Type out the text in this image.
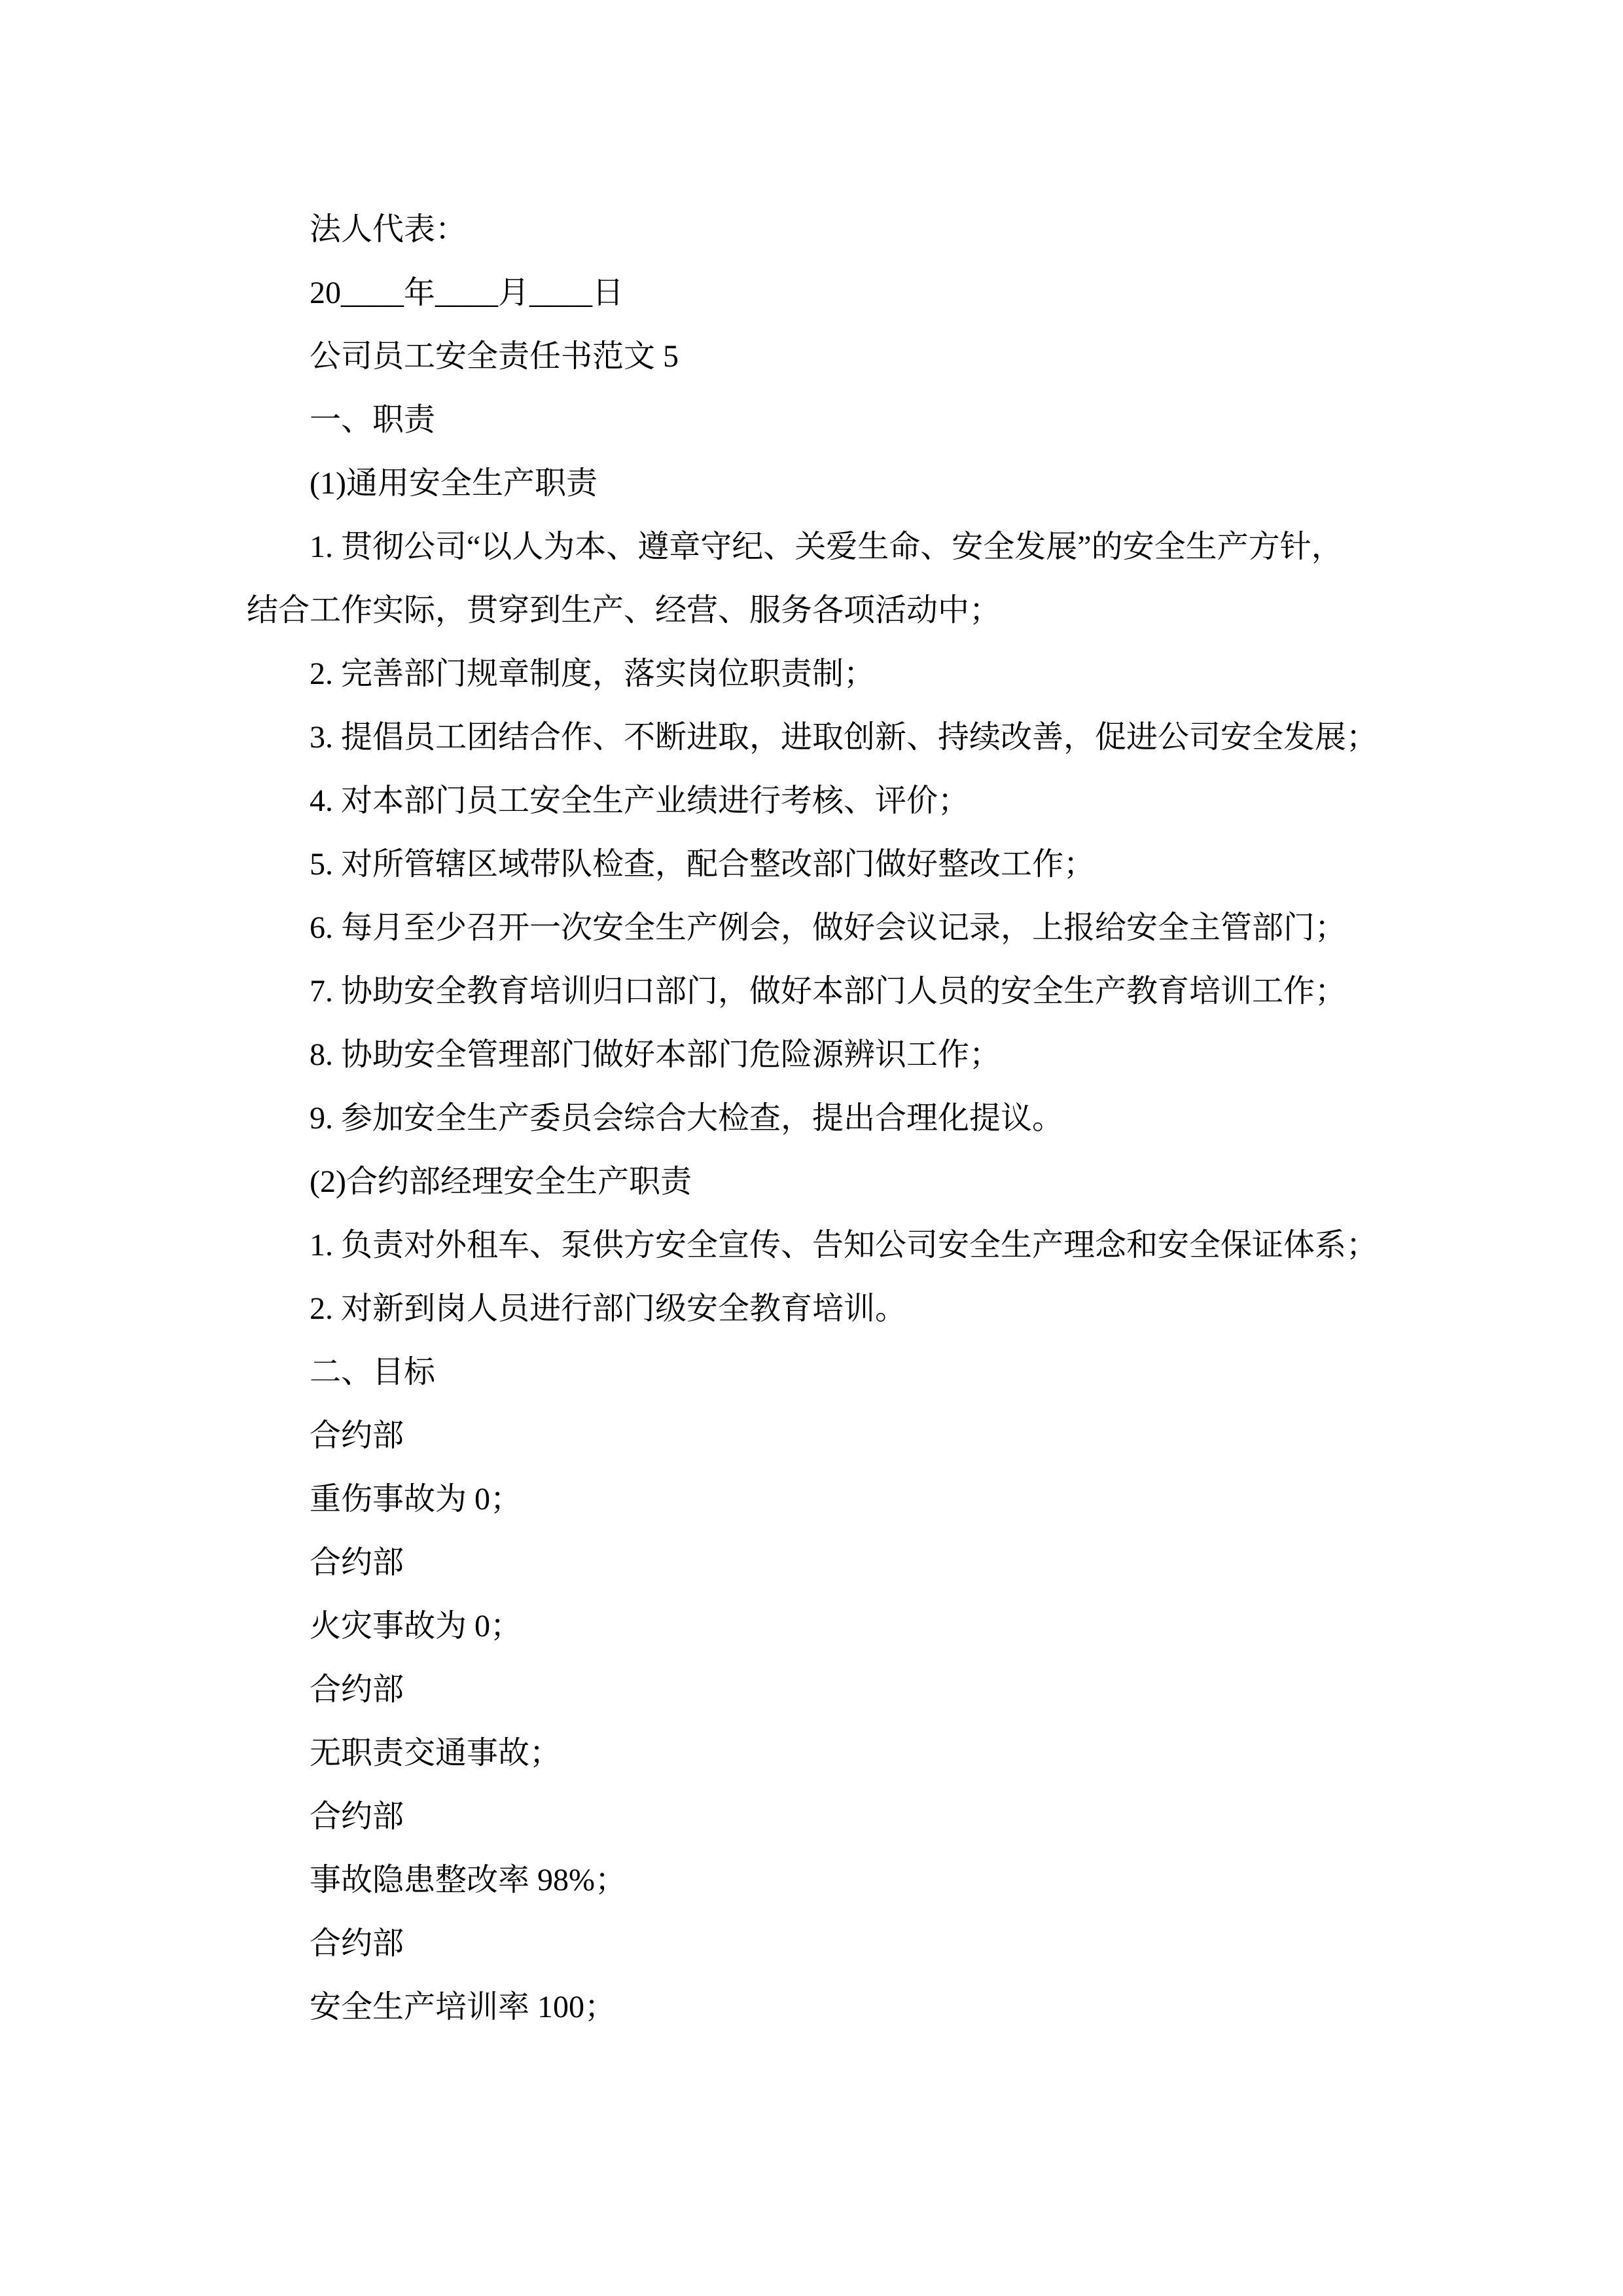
法人代表：
20____年____月____日
公司员工安全责任书范文 5
一、职责
(1)通用安全生产职责
1. 贯彻公司“以人为本、遵章守纪、关爱生命、安全发展”的安全生产方针，
结合工作实际，贯穿到生产、经营、服务各项活动中；
2. 完善部门规章制度，落实岗位职责制；
3. 提倡员工团结合作、不断进取，进取创新、持续改善，促进公司安全发展；
4. 对本部门员工安全生产业绩进行考核、评价；
5. 对所管辖区域带队检查，配合整改部门做好整改工作；
6. 每月至少召开一次安全生产例会，做好会议记录，上报给安全主管部门；
7. 协助安全教育培训归口部门，做好本部门人员的安全生产教育培训工作；
8. 协助安全管理部门做好本部门危险源辨识工作；
9. 参加安全生产委员会综合大检查，提出合理化提议。
(2)合约部经理安全生产职责
1. 负责对外租车、泵供方安全宣传、告知公司安全生产理念和安全保证体系；
2. 对新到岗人员进行部门级安全教育培训。
二、目标
合约部
重伤事故为 0；
合约部
火灾事故为 0；
合约部
无职责交通事故；
合约部
事故隐患整改率 98%；
合约部
安全生产培训率 100；
